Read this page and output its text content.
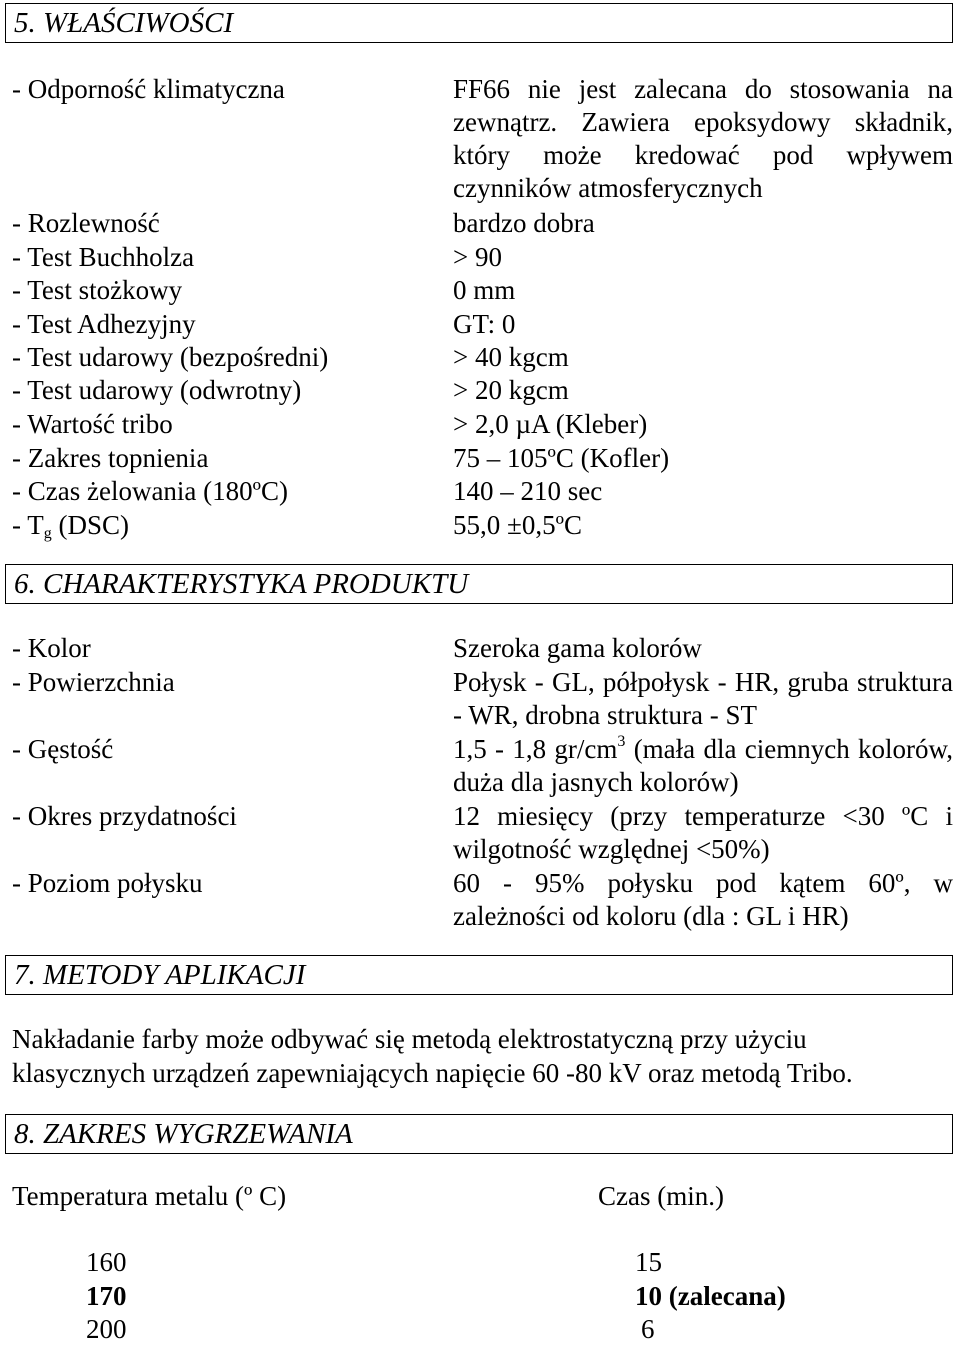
5. WŁAŚCIWOŚCI
- Odporność klimatyczna	FF66 nie jest zalecana do stosowania na zewnątrz. Zawiera epoksydowy składnik, który może kredować pod wpływem czynników atmosferycznych
- Rozlewność	bardzo dobra
- Test Buchholza	> 90
- Test stożkowy	0 mm
- Test Adhezyjny	GT: 0
- Test udarowy (bezpośredni)	> 40 kgcm
- Test udarowy (odwrotny)	> 20 kgcm
- Wartość tribo	> 2,0 µA (Kleber)
- Zakres topnienia	75 – 105ºC (Kofler)
- Czas żelowania (180ºC)	140 – 210 sec
- $T_g$ (DSC)	55,0 ±0,5ºC
6. CHARAKTERYSTYKA PRODUKTU
- Kolor	Szeroka gama kolorów
- Powierzchnia	Połysk - GL, półpołysk - HR, gruba struktura - WR, drobna struktura - ST
- Gęstość	1,5 - 1,8 $gr/cm^3$ (mała dla ciemnych kolorów, duża dla jasnych kolorów)
- Okres przydatności	12 miesięcy (przy temperaturze <30 ºC i wilgotność względnej <50%)
- Poziom połysku	60 - 95% połysku pod kątem 60º, w zależności od koloru (dla : GL i HR)
7. METODY APLIKACJI
Nakładanie farby może odbywać się metodą elektrostatyczną przy użyciu
klasycznych urządzeń zapewniających napięcie 60 -80 kV oraz metodą Tribo.
8. ZAKRES WYGRZEWANIA
Temperatura metalu (º C)	Czas (min.)
160	15
170	10 (zalecana)
200	6
